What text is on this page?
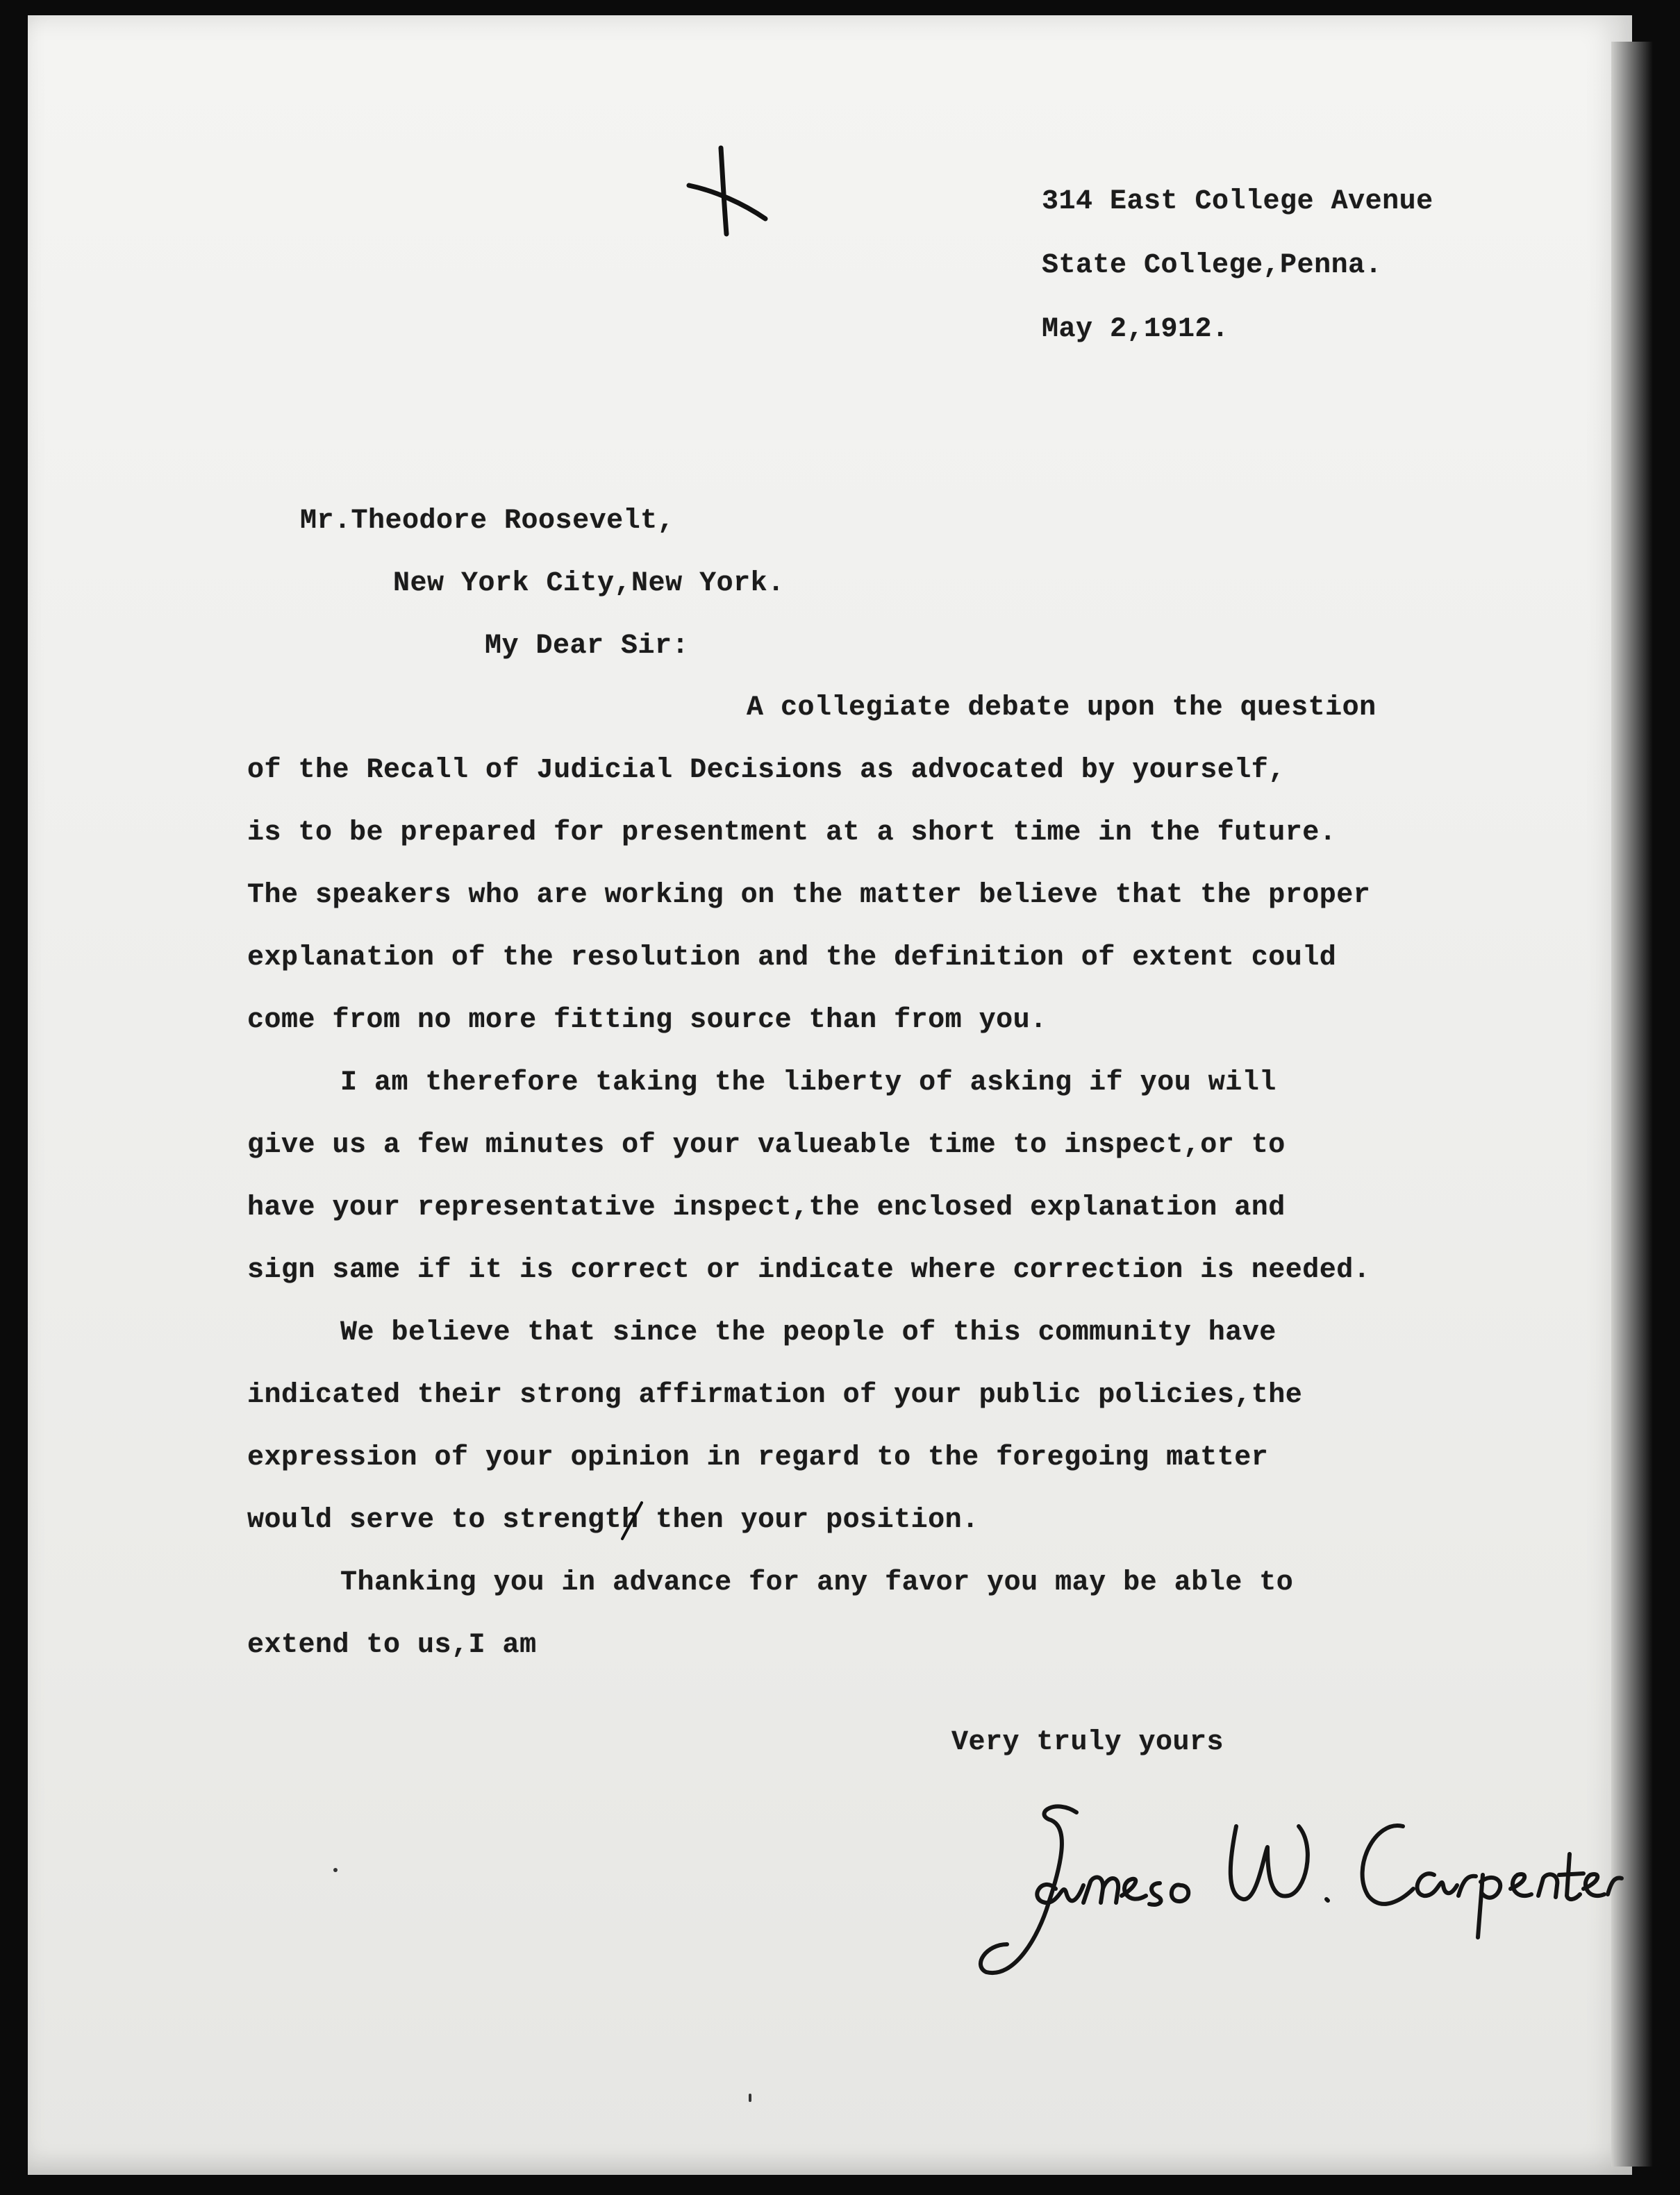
314 East College Avenue
State College,Penna.
May 2,1912.
Mr.Theodore Roosevelt,
New York City,New York.
My Dear Sir:
A collegiate debate upon the question
of the Recall of Judicial Decisions as advocated by yourself,
is to be prepared for presentment at a short time in the future.
The speakers who are working on the matter believe that the proper
explanation of the resolution and the definition of extent could
come from no more fitting source than from you.
I am therefore taking the liberty of asking if you will
give us a few minutes of your valueable time to inspect,or to
have your representative inspect,the enclosed explanation and
sign same if it is correct or indicate where correction is needed.
We believe that since the people of this community have
indicated their strong affirmation of your public policies,the
expression of your opinion in regard to the foregoing matter
would serve to strength then your position.
Thanking you in advance for any favor you may be able to
extend to us,I am
Very truly yours
